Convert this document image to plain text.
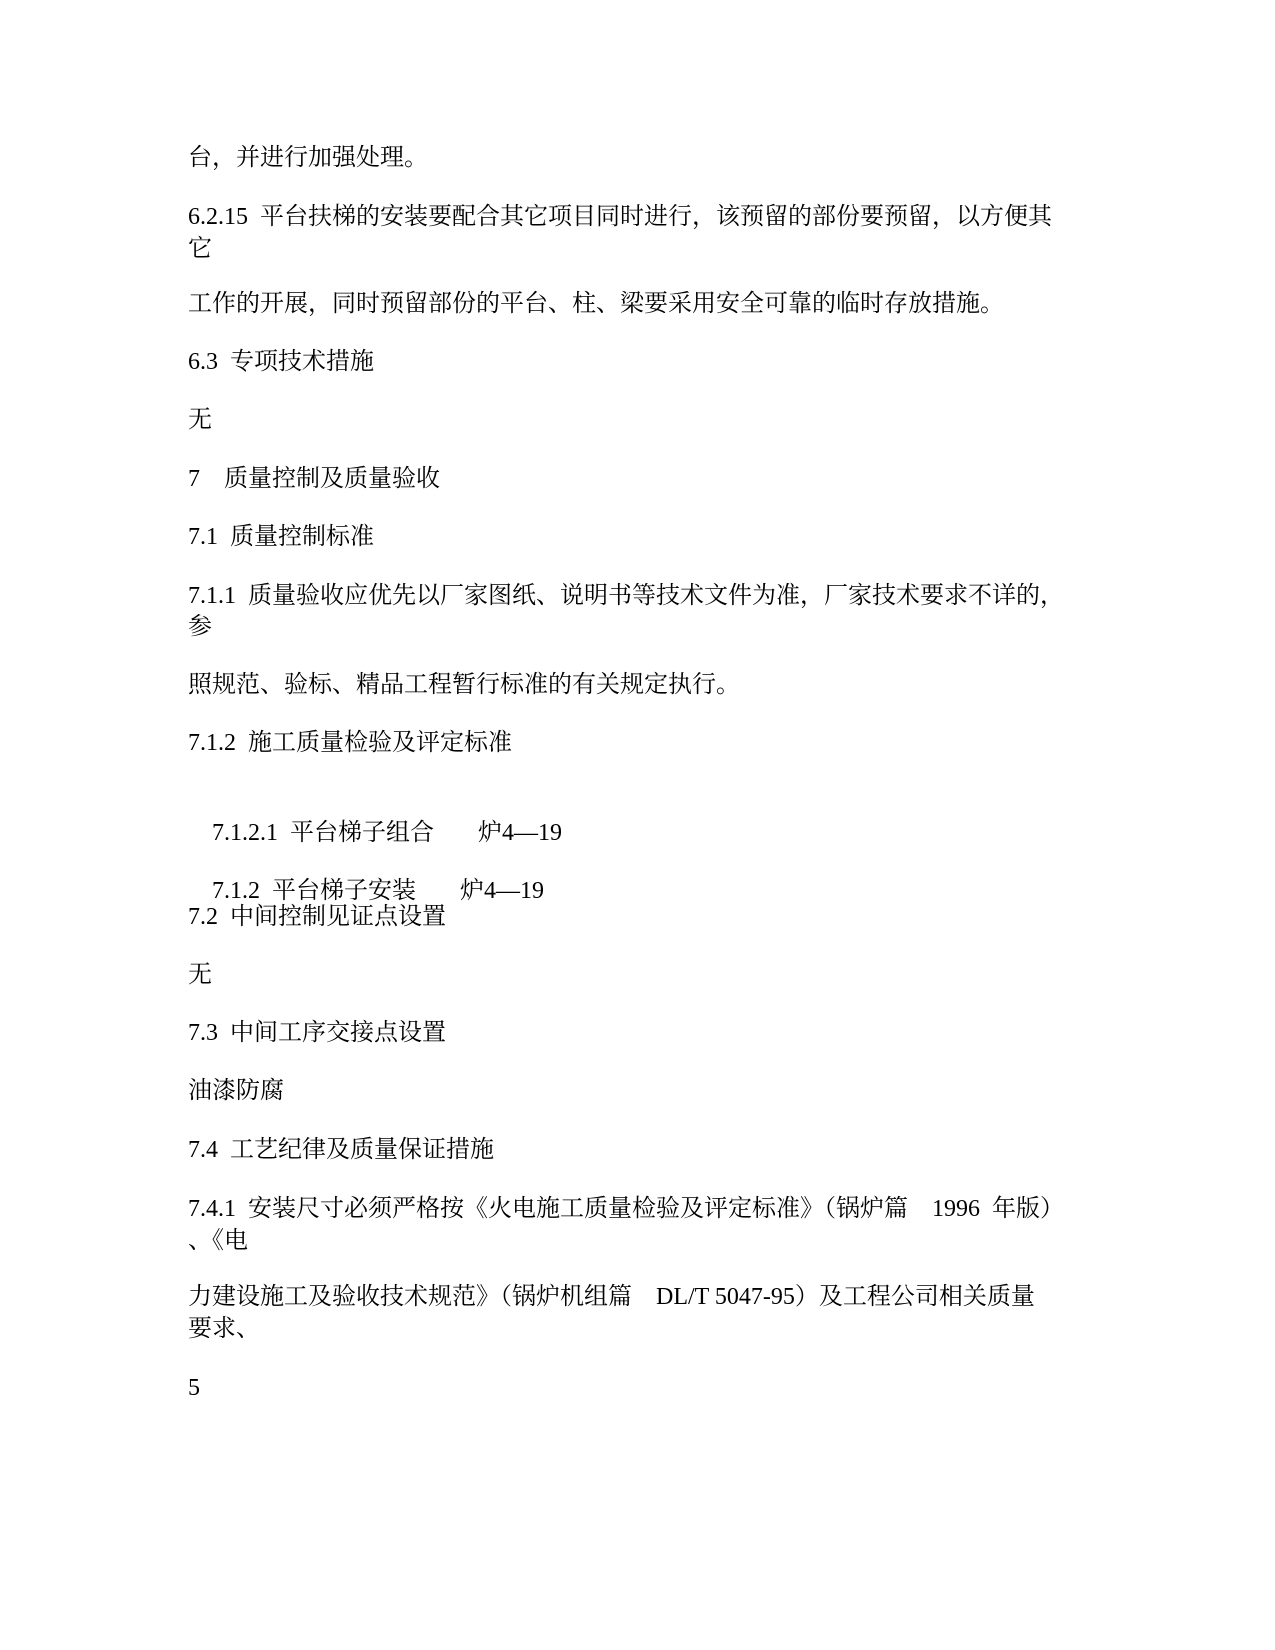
台，并进行加强处理。
6.2.15  平台扶梯的安装要配合其它项目同时进行，该预留的部份要预留，以方便其
它
工作的开展，同时预留部份的平台、柱、梁要采用安全可靠的临时存放措施。
6.3  专项技术措施
无
7    质量控制及质量验收
7.1  质量控制标准
7.1.1  质量验收应优先以厂家图纸、说明书等技术文件为准，厂家技术要求不详的，
参
照规范、验标、精品工程暂行标准的有关规定执行。
7.1.2  施工质量检验及评定标准

7.1.2.1  平台梯子组合 炉4—19

7.1.2  平台梯子安装 炉4—19

7.2  中间控制见证点设置
无
7.3  中间工序交接点设置
油漆防腐
7.4  工艺纪律及质量保证措施
7.4.1  安装尺寸必须严格按《火电施工质量检验及评定标准》（锅炉篇    1996  年版）
、《电
力建设施工及验收技术规范》（锅炉机组篇    DL/T 5047-95）及工程公司相关质量
要求、
5
